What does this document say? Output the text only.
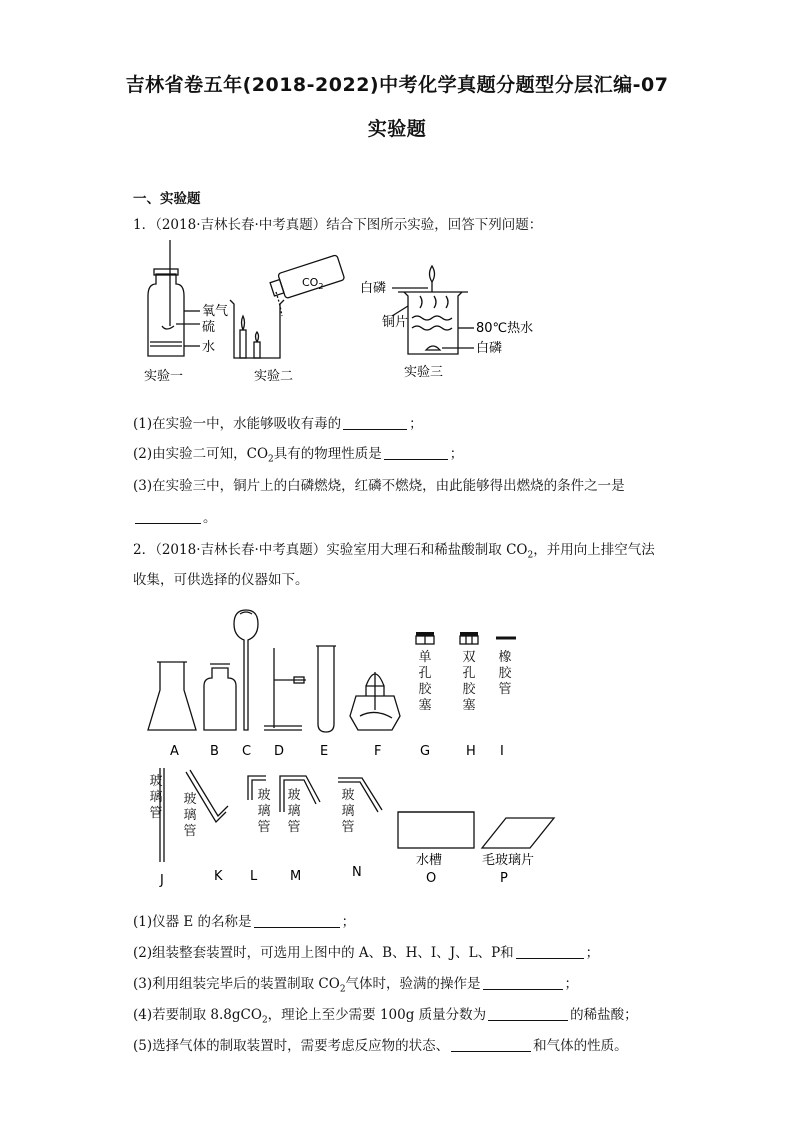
吉林省卷五年(2018-2022)中考化学真题分题型分层汇编-07
实验题
一、实验题
1．（2018·吉林长春·中考真题）结合下图所示实验，回答下列问题：
$CO_2$
氧气
硫
水
实验一	实验二
白磷
铜片	80℃热水
白磷
实验三
(1)在实验一中，水能够吸收有毒的	；
(2)由实验二可知，$CO_2$具有的物理性质是	；
(3)在实验三中，铜片上的白磷燃烧，红磷不燃烧，由此能够得出燃烧的条件之一是
。
2．（2018·吉林长春·中考真题）实验室用大理石和稀盐酸制取 $CO_2$，并用向上排空气法
收集，可供选择的仪器如下。
A B C D	E	F	G	H I
J	K L	M	N	O	P
水槽	毛玻璃片
单孔胶塞
双孔胶塞
橡胶管
玻璃管
玻璃管
玻璃管
玻璃管
玻璃管
(1)仪器 E 的名称是	；
(2)组装整套装置时，可选用上图中的 A、B、H、I、J、L、P和	；
(3)利用组装完毕后的装置制取 $CO_2$气体时，验满的操作是	；
(4)若要制取 8.8gCO$_2$，理论上至少需要 100g 质量分数为	的稀盐酸；
(5)选择气体的制取装置时，需要考虑反应物的状态、	和气体的性质。
